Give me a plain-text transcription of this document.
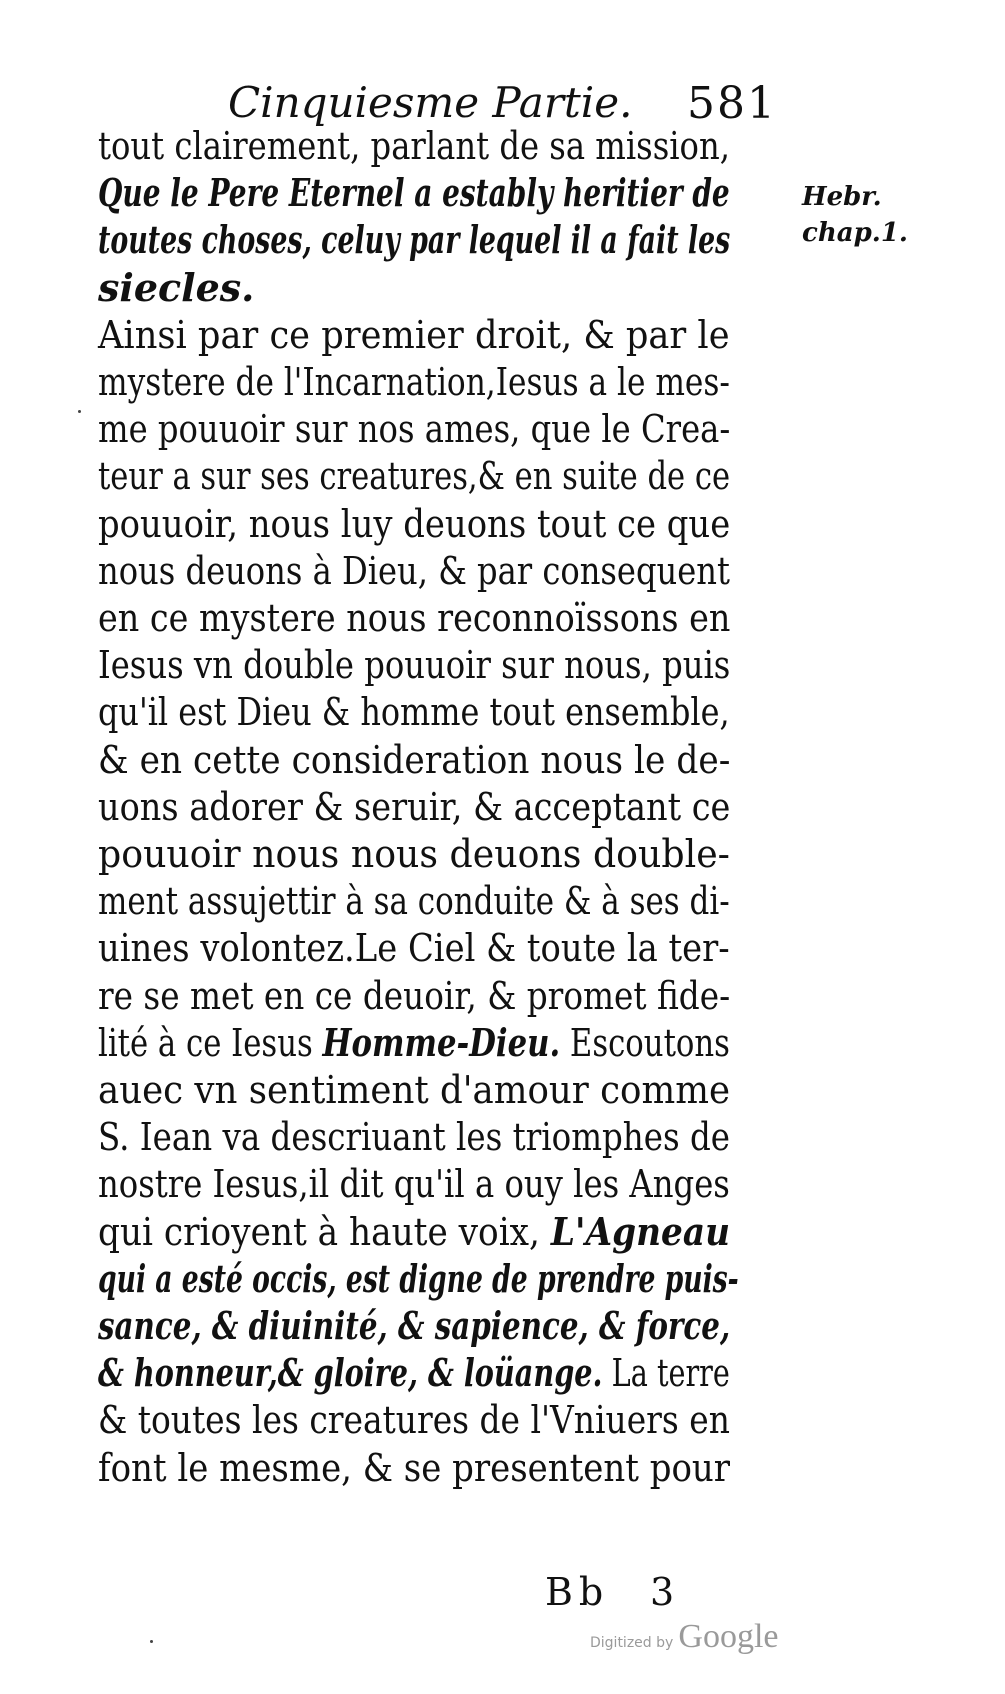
Cinquiesme Partie. 581
tout clairement, parlant de sa mission,
Que le Pere Eternel a estably heritier de
toutes choses, celuy par lequel il a fait les
siecles.
Ainsi par ce premier droit, & par le
mystere de l'Incarnation,Iesus a le mes-
me pouuoir sur nos ames, que le Crea-
teur a sur ses creatures,& en suite de ce
pouuoir, nous luy deuons tout ce que
nous deuons à Dieu, & par consequent
en ce mystere nous reconnoïssons en
Iesus vn double pouuoir sur nous, puis
qu'il est Dieu & homme tout ensemble,
& en cette consideration nous le de-
uons adorer & seruir, & acceptant ce
pouuoir nous nous deuons double-
ment assujettir à sa conduite & à ses di-
uines volontez.Le Ciel & toute la ter-
re se met en ce deuoir, & promet fide-
lité à ce Iesus Homme-Dieu. Escoutons
auec vn sentiment d'amour comme
S. Iean va descriuant les triomphes de
nostre Iesus,il dit qu'il a ouy les Anges
qui crioyent à haute voix, L'Agneau
qui a esté occis, est digne de prendre puis-
sance, & diuinité, & sapience, & force,
& honneur,& gloire, & loüange. La terre
& toutes les creatures de l'Vniuers en
font le mesme, & se presentent pour
Hebr.
chap.1.
Bb 3
Digitized by Google
